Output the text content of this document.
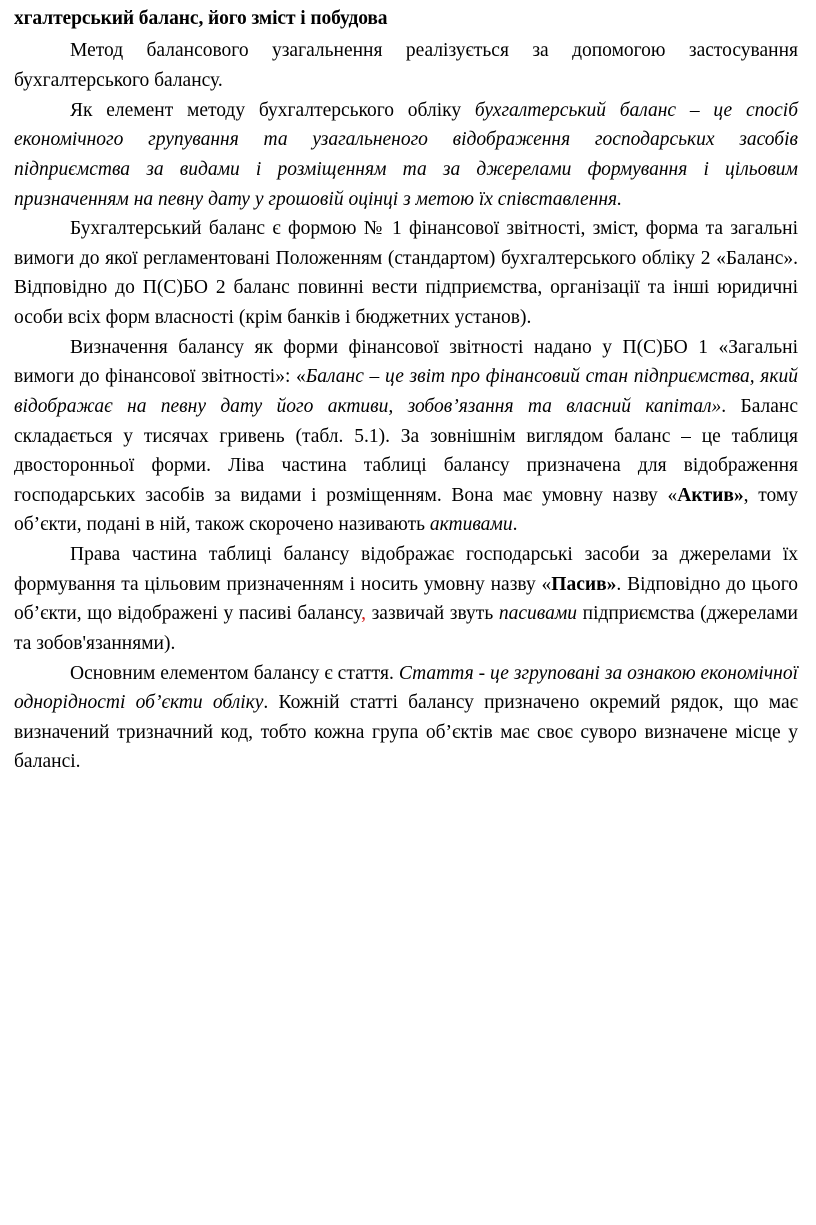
хгалтерський баланс, його зміст і побудова

Метод балансового узагальнення реалізується за допомогою застосування бухгалтерського балансу.

Як елемент методу бухгалтерського обліку бухгалтерський баланс – це спосіб економічного групування та узагальненого відображення господарських засобів підприємства за видами і розміщенням та за джерелами формування і цільовим призначенням на певну дату у грошовій оцінці з метою їх співставлення.

Бухгалтерський баланс є формою № 1 фінансової звітності, зміст, форма та загальні вимоги до якої регламентовані Положенням (стандартом) бухгалтерського обліку 2 «Баланс». Відповідно до П(С)БО 2 баланс повинні вести підприємства, організації та інші юридичні особи всіх форм власності (крім банків і бюджетних установ).

Визначення балансу як форми фінансової звітності надано у П(С)БО 1 «Загальні вимоги до фінансової звітності»: «Баланс – це звіт про фінансовий стан підприємства, який відображає на певну дату його активи, зобов’язання та власний капітал». Баланс складається у тисячах гривень (табл. 5.1). За зовнішнім виглядом баланс – це таблиця двосторонньої форми. Ліва частина таблиці балансу призначена для відображення господарських засобів за видами і розміщенням. Вона має умовну назву «Актив», тому об’єкти, подані в ній, також скорочено називають активами.

Права частина таблиці балансу відображає господарські засоби за джерелами їх формування та цільовим призначенням і носить умовну назву «Пасив». Відповідно до цього об’єкти, що відображені у пасиві балансу, зазвичай звуть пасивами підприємства (джерелами та зобов'язаннями).

Основним елементом балансу є стаття. Стаття - це згруповані за ознакою економічної однорідності об’єкти обліку. Кожній статті балансу призначено окремий рядок, що має визначений тризначний код, тобто кожна група об’єктів має своє суворо визначене місце у балансі.
